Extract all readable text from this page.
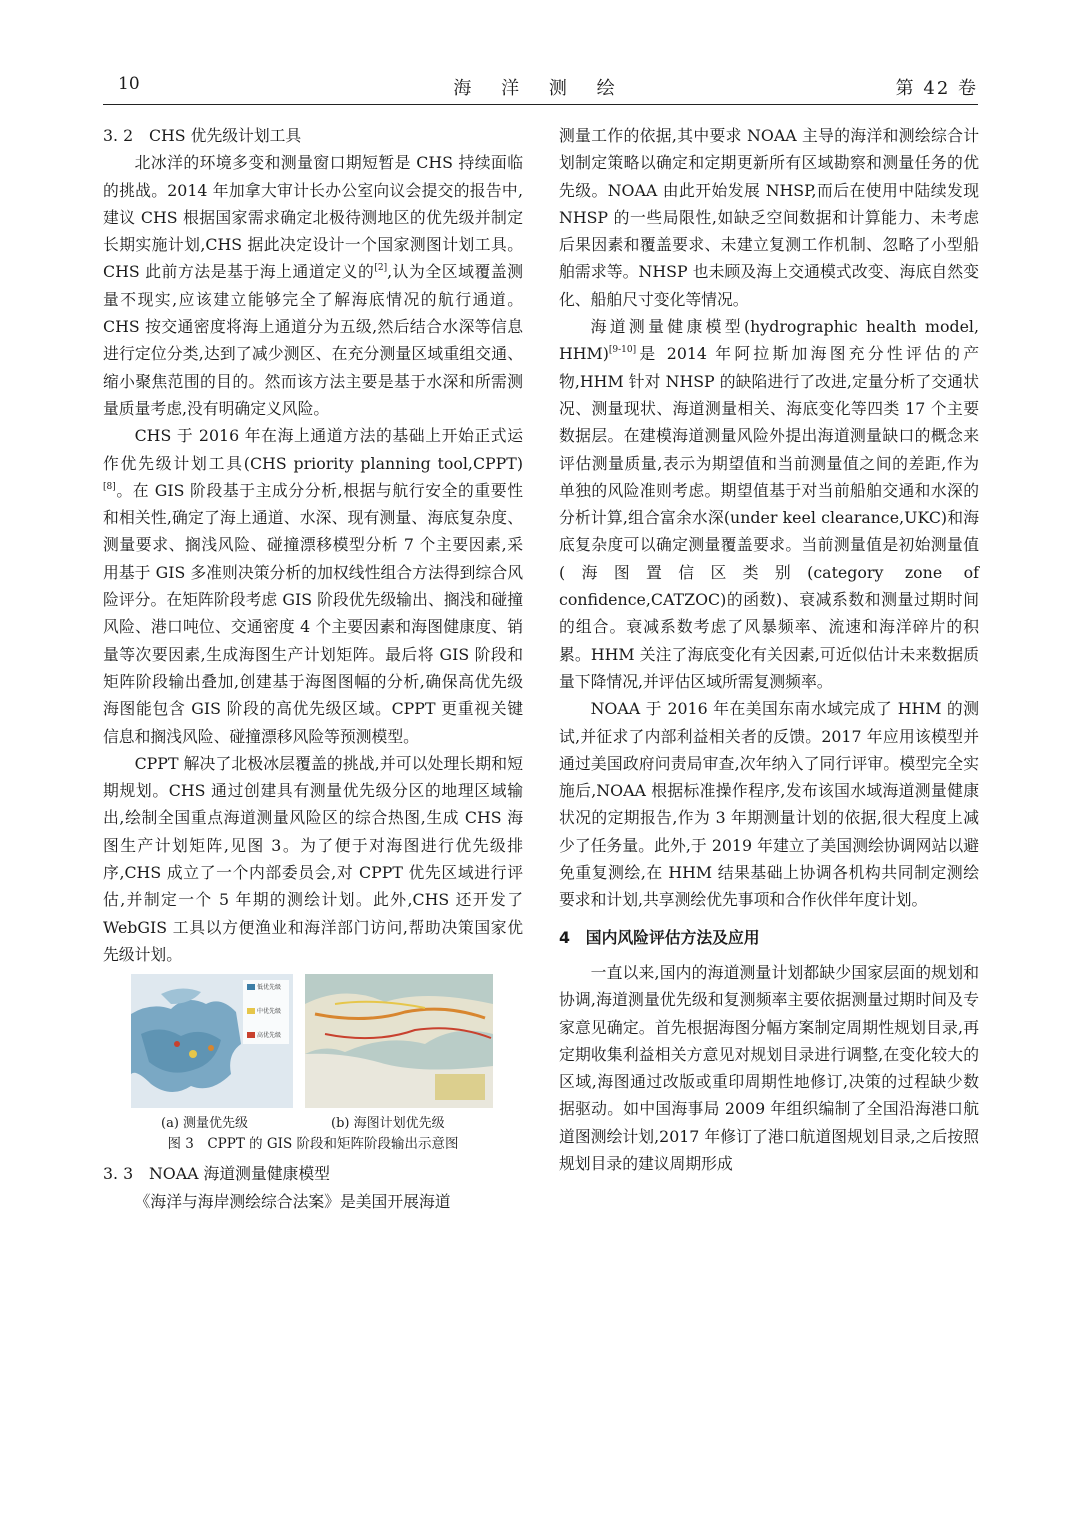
10	海 洋 测 绘	第 42 卷
3. 2　CHS 优先级计划工具

北冰洋的环境多变和测量窗口期短暂是 CHS 持续面临的挑战。2014 年加拿大审计长办公室向议会提交的报告中,建议 CHS 根据国家需求确定北极待测地区的优先级并制定长期实施计划,CHS 据此决定设计一个国家测图计划工具。CHS 此前方法是基于海上通道定义的[2],认为全区域覆盖测量不现实,应该建立能够完全了解海底情况的航行通道。CHS 按交通密度将海上通道分为五级,然后结合水深等信息进行定位分类,达到了减少测区、在充分测量区域重组交通、缩小聚焦范围的目的。然而该方法主要是基于水深和所需测量质量考虑,没有明确定义风险。

CHS 于 2016 年在海上通道方法的基础上开始正式运作优先级计划工具(CHS priority planning tool,CPPT)[8]。在 GIS 阶段基于主成分分析,根据与航行安全的重要性和相关性,确定了海上通道、水深、现有测量、海底复杂度、测量要求、搁浅风险、碰撞漂移模型分析 7 个主要因素,采用基于 GIS 多准则决策分析的加权线性组合方法得到综合风险评分。在矩阵阶段考虑 GIS 阶段优先级输出、搁浅和碰撞风险、港口吨位、交通密度 4 个主要因素和海图健康度、销量等次要因素,生成海图生产计划矩阵。最后将 GIS 阶段和矩阵阶段输出叠加,创建基于海图图幅的分析,确保高优先级海图能包含 GIS 阶段的高优先级区域。CPPT 更重视关键信息和搁浅风险、碰撞漂移风险等预测模型。

CPPT 解决了北极冰层覆盖的挑战,并可以处理长期和短期规划。CHS 通过创建具有测量优先级分区的地理区域输出,绘制全国重点海道测量风险区的综合热图,生成 CHS 海图生产计划矩阵,见图 3。为了便于对海图进行优先级排序,CHS 成立了一个内部委员会,对 CPPT 优先区域进行评估,并制定一个 5 年期的测绘计划。此外,CHS 还开发了 WebGIS 工具以方便渔业和海洋部门访问,帮助决策国家优先级计划。

低优先级
中优先级
高优先级
(a) 测量优先级	(b) 海图计划优先级
图 3　CPPT 的 GIS 阶段和矩阵阶段输出示意图
3. 3　NOAA 海道测量健康模型

《海洋与海岸测绘综合法案》是美国开展海道

测量工作的依据,其中要求 NOAA 主导的海洋和测绘综合计划制定策略以确定和定期更新所有区域勘察和测量任务的优先级。NOAA 由此开始发展 NHSP,而后在使用中陆续发现 NHSP 的一些局限性,如缺乏空间数据和计算能力、未考虑后果因素和覆盖要求、未建立复测工作机制、忽略了小型船舶需求等。NHSP 也未顾及海上交通模式改变、海底自然变化、船舶尺寸变化等情况。

海道测量健康模型(hydrographic health model, HHM)[9-10]是 2014 年阿拉斯加海图充分性评估的产物,HHM 针对 NHSP 的缺陷进行了改进,定量分析了交通状况、测量现状、海道测量相关、海底变化等四类 17 个主要数据层。在建模海道测量风险外提出海道测量缺口的概念来评估测量质量,表示为期望值和当前测量值之间的差距,作为单独的风险准则考虑。期望值基于对当前船舶交通和水深的分析计算,组合富余水深(under keel clearance,UKC)和海底复杂度可以确定测量覆盖要求。当前测量值是初始测量值(海图置信区类别(category zone of confidence,CATZOC)的函数)、衰减系数和测量过期时间的组合。衰减系数考虑了风暴频率、流速和海洋碎片的积累。HHM 关注了海底变化有关因素,可近似估计未来数据质量下降情况,并评估区域所需复测频率。

NOAA 于 2016 年在美国东南水域完成了 HHM 的测试,并征求了内部利益相关者的反馈。2017 年应用该模型并通过美国政府问责局审查,次年纳入了同行评审。模型完全实施后,NOAA 根据标准操作程序,发布该国水域海道测量健康状况的定期报告,作为 3 年期测量计划的依据,很大程度上减少了任务量。此外,于 2019 年建立了美国测绘协调网站以避免重复测绘,在 HHM 结果基础上协调各机构共同制定测绘要求和计划,共享测绘优先事项和合作伙伴年度计划。

4　国内风险评估方法及应用

一直以来,国内的海道测量计划都缺少国家层面的规划和协调,海道测量优先级和复测频率主要依据测量过期时间及专家意见确定。首先根据海图分幅方案制定周期性规划目录,再定期收集利益相关方意见对规划目录进行调整,在变化较大的区域,海图通过改版或重印周期性地修订,决策的过程缺少数据驱动。如中国海事局 2009 年组织编制了全国沿海港口航道图测绘计划,2017 年修订了港口航道图规划目录,之后按照规划目录的建议周期形成
